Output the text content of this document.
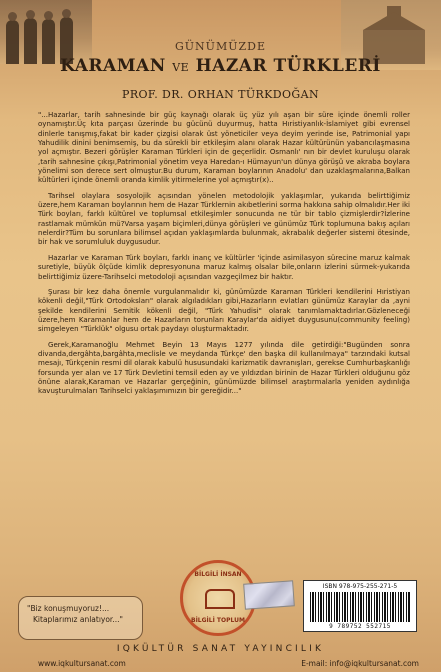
GÜNÜMÜZDE
KARAMAN VE HAZAR TÜRKLERİ
PROF. DR. ORHAN TÜRKDOĞAN

"...Hazarlar, tarih sahnesinde bir güç kaynağı olarak üç yüz yılı aşan bir süre içinde önemli roller oynamıştır.Üç kıta parçası üzerinde bu gücünü duyurmuş, hatta Hıristiyanlık-İslamiyet gibi evrensel dinlerle tanışmış,fakat bir kader çizgisi olarak üst yöneticiler veya deyim yerinde ise, Patrimonial yapı Yahudilik dinini benimsemiş, bu da sürekli bir etkileşim alanı olarak Hazar kültürünün yabancılaşmasına yol açmıştır. Bezeri görüşler Karaman Türkleri için de geçerlidir. Osmanlı' nın bir devlet kuruluşu olarak ,tarih sahnesine çıkışı,Patrimonial yönetim veya Haredan-ı Hümayun'un dünya görüşü ve akraba boylara yönelimi son derece sert olmuştur.Bu durum, Karaman boylarının Anadolu' dan uzaklaşmalarına,Balkan kültürleri içinde önemli oranda kimlik yitirmelerine yol açmıştır(x)..

Tarihsel olaylara sosyolojik açısından yönelen metodolojik yaklaşımlar, yukarıda belirttiğimiz üzere,hem Karaman boylarının hem de Hazar Türklernin akıbetlerini sorma hakkına sahip olmalıdır.Her iki Türk boyları, farklı kültürel ve toplumsal etkileşimler sonucunda ne tür bir tablo çizmişlerdir?İzlerine rastlamak mümkün mü?Varsa yaşam biçimleri,dünya görüşleri ve günümüz Türk toplumuna bakış açıları nelerdir?Tüm bu sorunlara bilimsel açıdan yaklaşımlarda bulunmak, akrabalık değerler sistemi ötesinde, bir hak ve sorumluluk duygusudur.

Hazarlar ve Karaman Türk boyları, farklı inanç ve kültürler 'içinde asimilasyon sürecine maruz kalmak suretiyle, büyük ölçüde kimlik depresyonuna maruz kalmış olsalar bile,onların izlerini sürmek-yukarıda belirttiğimiz üzere-Tarihselci metodoloji açısından vazgeçilmez bir haktır.

Şurası bir kez daha önemle vurgulanmalıdır ki, günümüzde Karaman Türkleri kendilerini Hıristiyan kökenli değil,"Türk Ortodoksları" olarak algıladıkları gibi,Hazarların evlatları günümüz Karaylar da ,ayni şekilde kendilerini Semitik kökenli değil, "Türk Yahudisi" olarak tanımlamaktadırlar.Gözleneceği üzere,hem Karamanlar hem de Hazarların torunları Karaylar'da aidiyet duygusunu(community feeling) simgeleyen "Türklük" olgusu ortak paydayı oluşturmaktadır.

Gerek,Karamanoğlu Mehmet Beyin 13 Mayıs 1277 yılında dile getirdiği:"Bugünden sonra divanda,dergâhta,bargâhta,meclisle ve meydanda Türkçe' den başka dil kullanılmaya" tarzındaki kutsal mesajı, Türkçenin resmi dil olarak kabulü hususundaki karizmatik davranışları, gerekse Cumhurbaşkanlığı forsunda yer alan ve 17 Türk Devletini temsil eden ay ve yıldızdan birinin de Hazar Türkleri olduğunu göz önüne alarak,Karaman ve Hazarlar gerçeğinin, günümüzde bilimsel araştırmalarla yeniden aydınlığa kavuşturulmaları Tarihselci yaklaşımımızın bir gereğidir..."

"Biz konuşmuyoruz!...
Kitaplarımız anlatıyor..."
BİLGİLİ İNSAN
BİLGİLİ TOPLUM
ISBN 978-975-255-271-5
9 789752 552715
IQKÜLTÜR SANAT YAYINCILIK
www.iqkultursanat.com	E-mail: info@iqkultursanat.com
